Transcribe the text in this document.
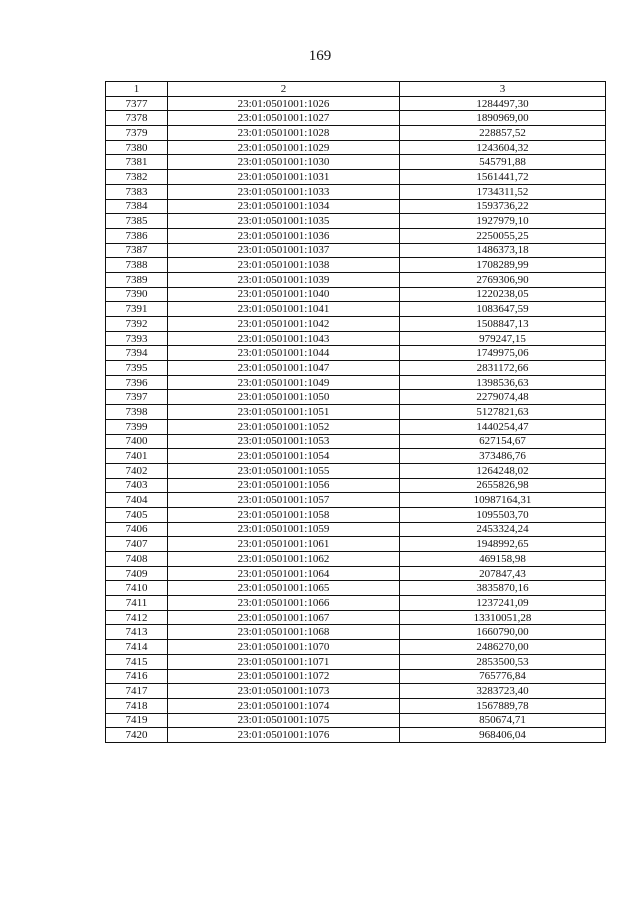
169
1	2	3
7377	23:01:0501001:1026	1284497,30
7378	23:01:0501001:1027	1890969,00
7379	23:01:0501001:1028	228857,52
7380	23:01:0501001:1029	1243604,32
7381	23:01:0501001:1030	545791,88
7382	23:01:0501001:1031	1561441,72
7383	23:01:0501001:1033	1734311,52
7384	23:01:0501001:1034	1593736,22
7385	23:01:0501001:1035	1927979,10
7386	23:01:0501001:1036	2250055,25
7387	23:01:0501001:1037	1486373,18
7388	23:01:0501001:1038	1708289,99
7389	23:01:0501001:1039	2769306,90
7390	23:01:0501001:1040	1220238,05
7391	23:01:0501001:1041	1083647,59
7392	23:01:0501001:1042	1508847,13
7393	23:01:0501001:1043	979247,15
7394	23:01:0501001:1044	1749975,06
7395	23:01:0501001:1047	2831172,66
7396	23:01:0501001:1049	1398536,63
7397	23:01:0501001:1050	2279074,48
7398	23:01:0501001:1051	5127821,63
7399	23:01:0501001:1052	1440254,47
7400	23:01:0501001:1053	627154,67
7401	23:01:0501001:1054	373486,76
7402	23:01:0501001:1055	1264248,02
7403	23:01:0501001:1056	2655826,98
7404	23:01:0501001:1057	10987164,31
7405	23:01:0501001:1058	1095503,70
7406	23:01:0501001:1059	2453324,24
7407	23:01:0501001:1061	1948992,65
7408	23:01:0501001:1062	469158,98
7409	23:01:0501001:1064	207847,43
7410	23:01:0501001:1065	3835870,16
7411	23:01:0501001:1066	1237241,09
7412	23:01:0501001:1067	13310051,28
7413	23:01:0501001:1068	1660790,00
7414	23:01:0501001:1070	2486270,00
7415	23:01:0501001:1071	2853500,53
7416	23:01:0501001:1072	765776,84
7417	23:01:0501001:1073	3283723,40
7418	23:01:0501001:1074	1567889,78
7419	23:01:0501001:1075	850674,71
7420	23:01:0501001:1076	968406,04
